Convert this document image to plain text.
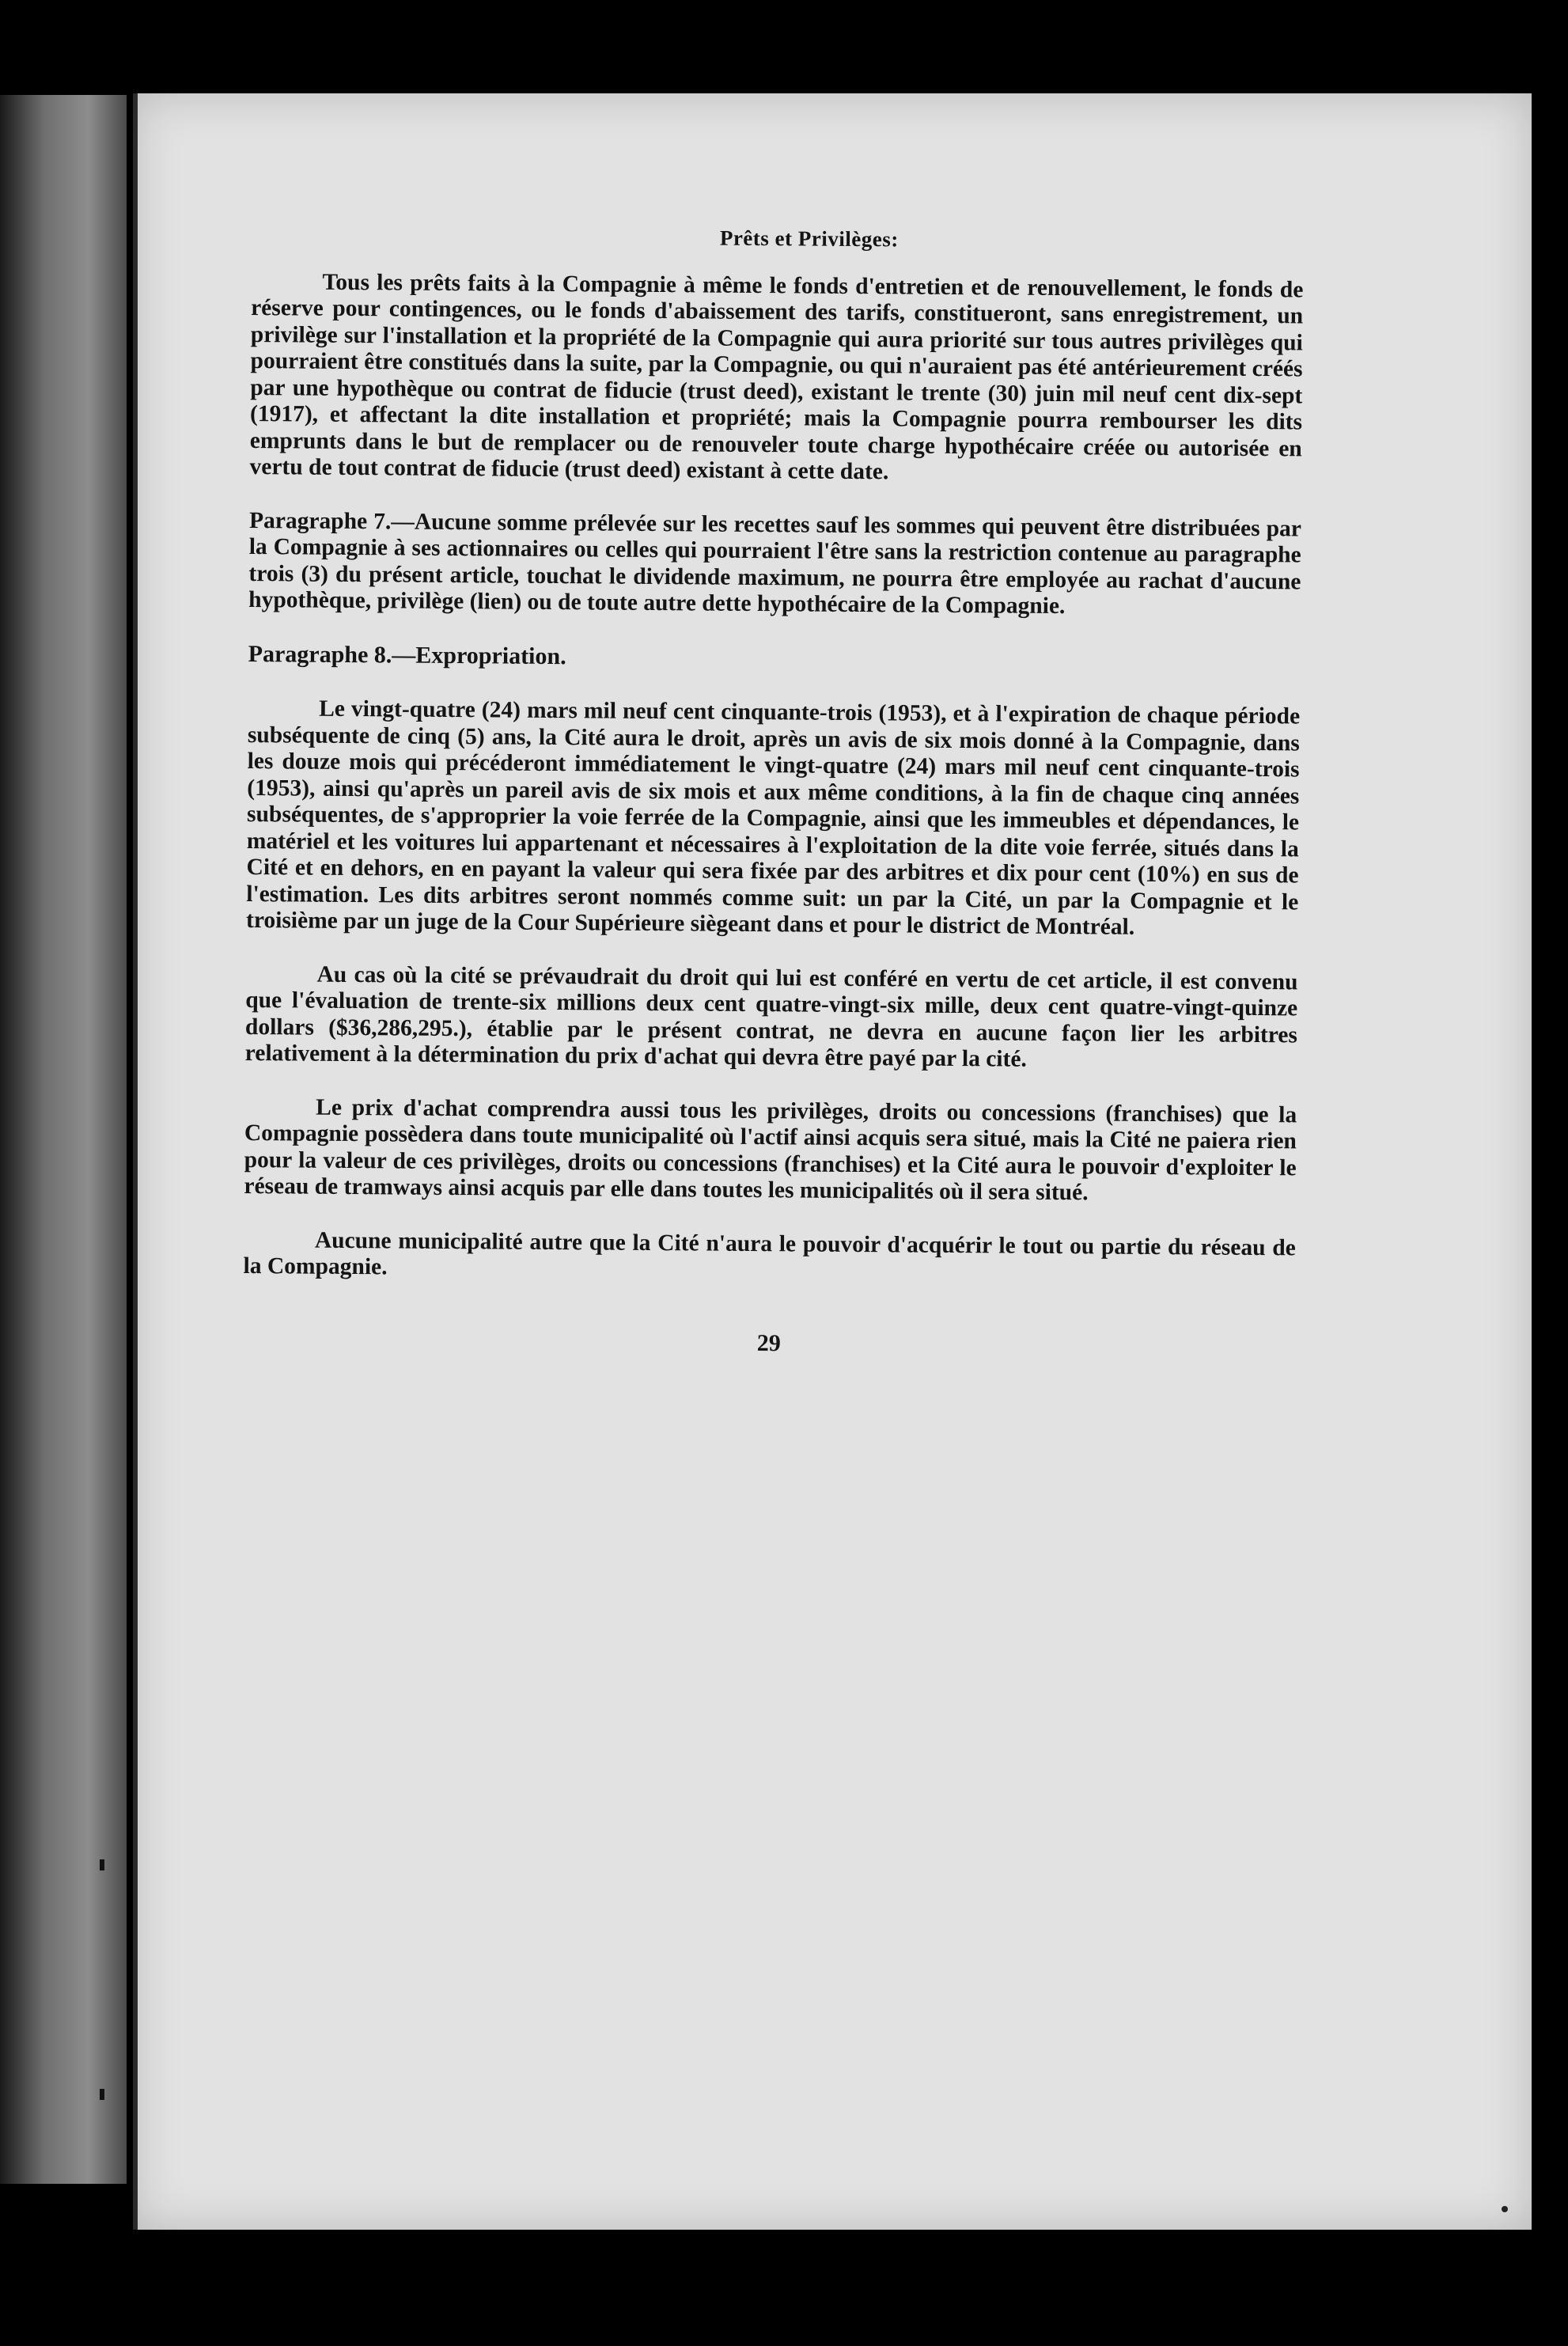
Prêts et Privilèges:

Tous les prêts faits à la Compagnie à même le fonds d'entretien et de renouvellement, le fonds de réserve pour contingences, ou le fonds d'abaissement des tarifs, constitueront, sans enregistrement, un privilège sur l'installation et la propriété de la Compagnie qui aura priorité sur tous autres privilèges qui pourraient être constitués dans la suite, par la Compagnie, ou qui n'auraient pas été antérieurement créés par une hypothèque ou contrat de fiducie (trust deed), existant le trente (30) juin mil neuf cent dix-sept (1917), et affectant la dite installation et propriété; mais la Compagnie pourra rembourser les dits emprunts dans le but de remplacer ou de renouveler toute charge hypothécaire créée ou autorisée en vertu de tout contrat de fiducie (trust deed) existant à cette date.

Paragraphe 7.—Aucune somme prélevée sur les recettes sauf les sommes qui peuvent être distribuées par la Compagnie à ses actionnaires ou celles qui pourraient l'être sans la restriction contenue au paragraphe trois (3) du présent article, touchat le dividende maximum, ne pourra être employée au rachat d'aucune hypothèque, privilège (lien) ou de toute autre dette hypothécaire de la Compagnie.

Paragraphe 8.—Expropriation.

Le vingt-quatre (24) mars mil neuf cent cinquante-trois (1953), et à l'expiration de chaque période subséquente de cinq (5) ans, la Cité aura le droit, après un avis de six mois donné à la Compagnie, dans les douze mois qui précéderont immédiatement le vingt-quatre (24) mars mil neuf cent cinquante-trois (1953), ainsi qu'après un pareil avis de six mois et aux même conditions, à la fin de chaque cinq années subséquentes, de s'approprier la voie ferrée de la Compagnie, ainsi que les immeubles et dépendances, le matériel et les voitures lui appartenant et nécessaires à l'exploitation de la dite voie ferrée, situés dans la Cité et en dehors, en en payant la valeur qui sera fixée par des arbitres et dix pour cent (10%) en sus de l'estimation. Les dits arbitres seront nommés comme suit: un par la Cité, un par la Compagnie et le troisième par un juge de la Cour Supérieure siègeant dans et pour le district de Montréal.

Au cas où la cité se prévaudrait du droit qui lui est conféré en vertu de cet article, il est convenu que l'évaluation de trente-six millions deux cent quatre-vingt-six mille, deux cent quatre-vingt-quinze dollars ($36,286,295.), établie par le présent contrat, ne devra en aucune façon lier les arbitres relativement à la détermination du prix d'achat qui devra être payé par la cité.

Le prix d'achat comprendra aussi tous les privilèges, droits ou concessions (franchises) que la Compagnie possèdera dans toute municipalité où l'actif ainsi acquis sera situé, mais la Cité ne paiera rien pour la valeur de ces privilèges, droits ou concessions (franchises) et la Cité aura le pouvoir d'exploiter le réseau de tramways ainsi acquis par elle dans toutes les municipalités où il sera situé.

Aucune municipalité autre que la Cité n'aura le pouvoir d'acquérir le tout ou partie du réseau de la Compagnie.

29
